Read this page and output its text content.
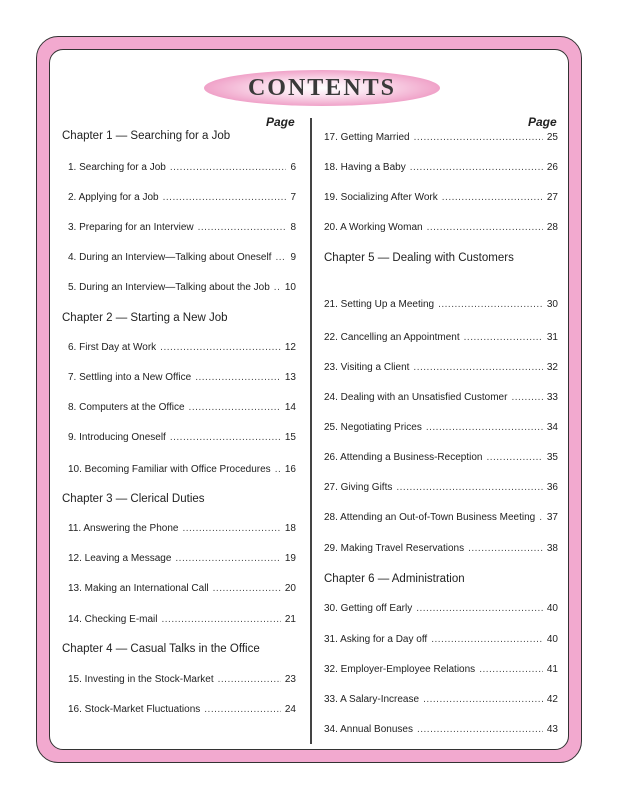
CONTENTS
Page	Page
Chapter 1 — Searching for a Job
1. Searching for a Job .....	6
2. Applying for a Job .....	7
3. Preparing for an Interview .....	8
4. During an Interview—Talking about Oneself ..... 9
5. During an Interview—Talking about the Job ..... 10
Chapter 2 — Starting a New Job
6. First Day at Work .....	12
7. Settling into a New Office .....	13
8. Computers at the Office .....	14
9. Introducing Oneself .....	15
10. Becoming Familiar with Office Procedures ..... 16
Chapter 3 — Clerical Duties
11. Answering the Phone .....	18
12. Leaving a Message .....	19
13. Making an International Call .....	20
14. Checking E-mail .....	21
Chapter 4 — Casual Talks in the Office
15. Investing in the Stock-Market .....	23
16. Stock-Market Fluctuations .....	24
17. Getting Married .....	25
18. Having a Baby .....	26
19. Socializing After Work .....	27
20. A Working Woman .....	28
Chapter 5 — Dealing with Customers
21. Setting Up a Meeting .....	30
22. Cancelling an Appointment .....	31
23. Visiting a Client .....	32
24. Dealing with an Unsatisfied Customer .....	33
25. Negotiating Prices .....	34
26. Attending a Business-Reception .....	35
27. Giving Gifts .....	36
28. Attending an Out-of-Town Business Meeting ..... 37
29. Making Travel Reservations .....	38
Chapter 6 — Administration
30. Getting off Early .....	40
31. Asking for a Day off .....	40
32. Employer-Employee Relations .....	41
33. A Salary-Increase .....	42
34. Annual Bonuses .....	43
